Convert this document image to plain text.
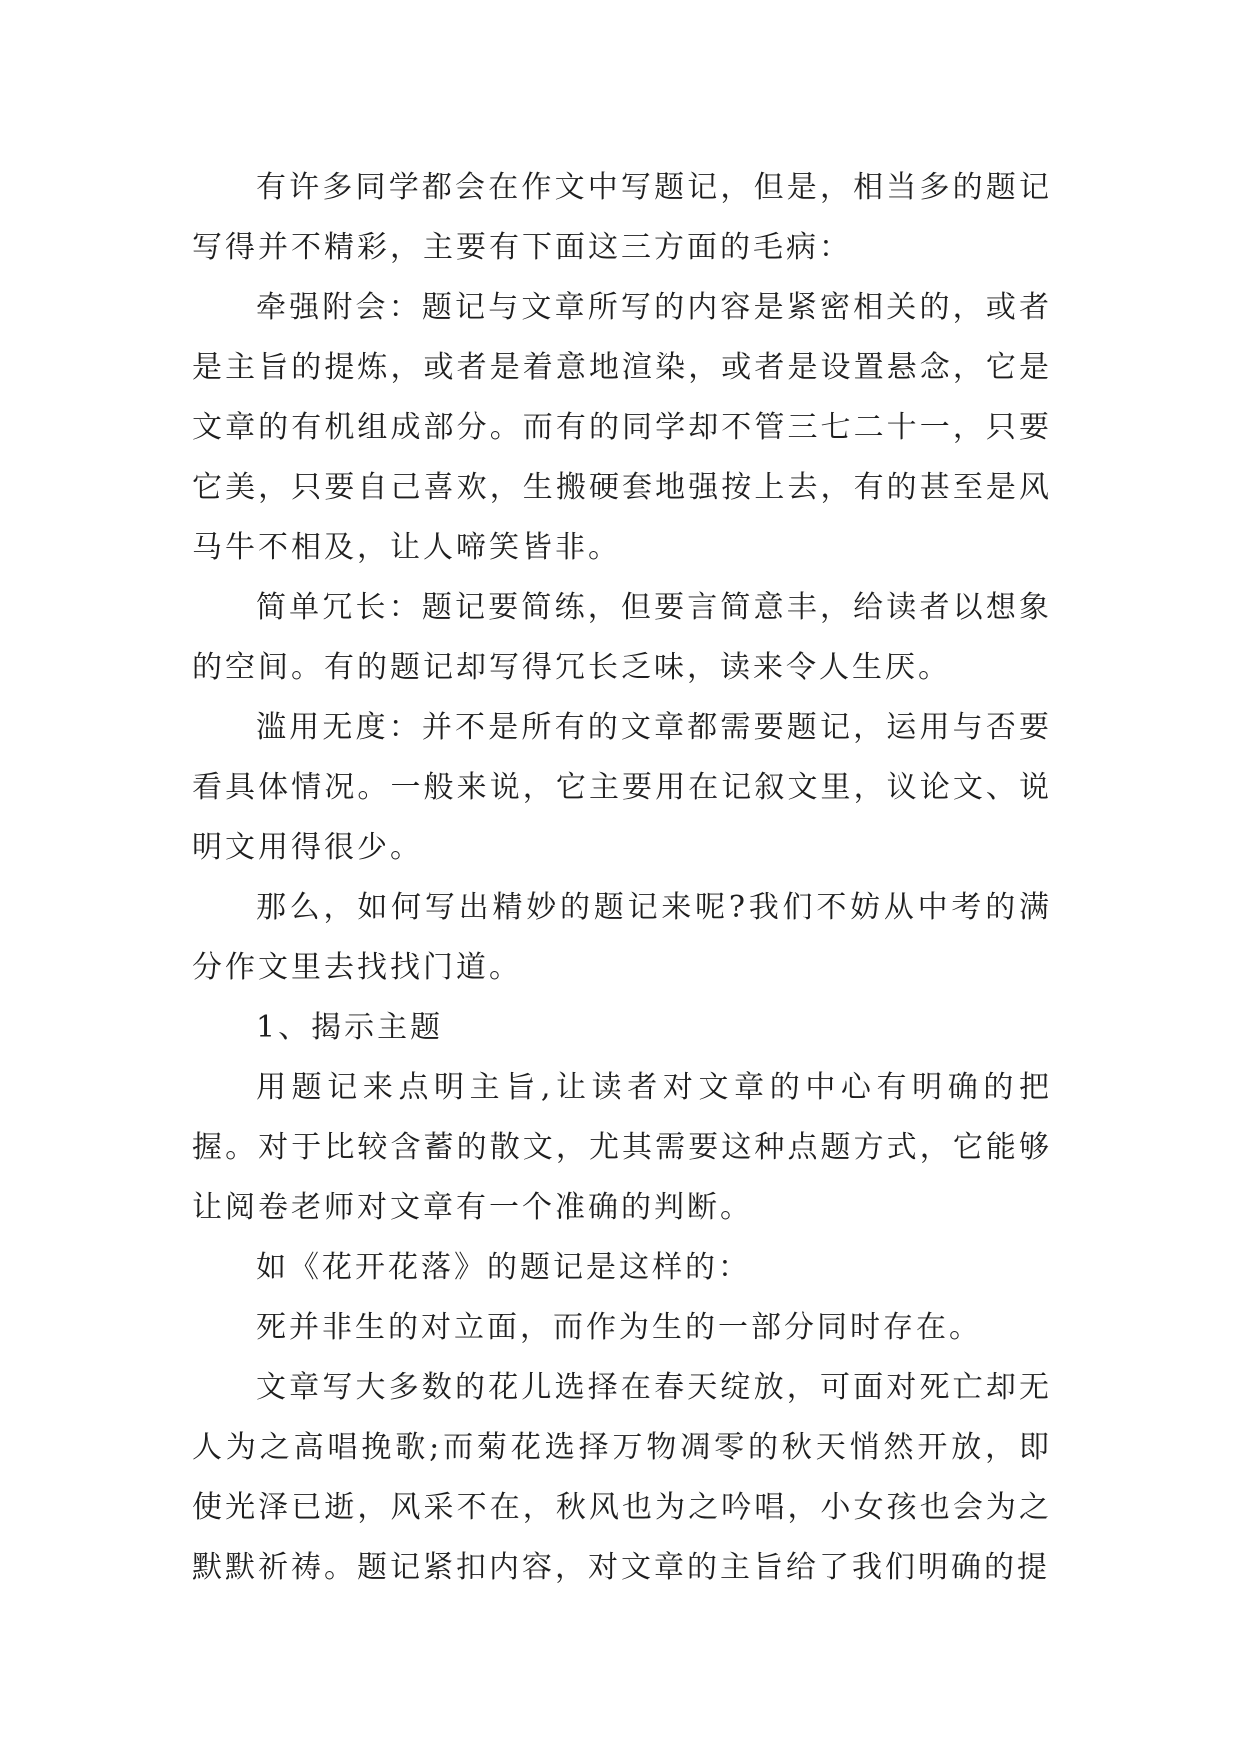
有许多同学都会在作文中写题记，但是，相当多的题记写得并不精彩，主要有下面这三方面的毛病：

牵强附会：题记与文章所写的内容是紧密相关的，或者是主旨的提炼，或者是着意地渲染，或者是设置悬念，它是文章的有机组成部分。而有的同学却不管三七二十一，只要它美，只要自己喜欢，生搬硬套地强按上去，有的甚至是风马牛不相及，让人啼笑皆非。

简单冗长：题记要简练，但要言简意丰，给读者以想象的空间。有的题记却写得冗长乏味，读来令人生厌。

滥用无度：并不是所有的文章都需要题记，运用与否要看具体情况。一般来说，它主要用在记叙文里，议论文、说明文用得很少。

那么，如何写出精妙的题记来呢?我们不妨从中考的满分作文里去找找门道。

1、揭示主题

用题记来点明主旨,让读者对文章的中心有明确的把握。对于比较含蓄的散文，尤其需要这种点题方式，它能够让阅卷老师对文章有一个准确的判断。

如《花开花落》的题记是这样的：

死并非生的对立面，而作为生的一部分同时存在。

文章写大多数的花儿选择在春天绽放，可面对死亡却无人为之高唱挽歌;而菊花选择万物凋零的秋天悄然开放，即使光泽已逝，风采不在，秋风也为之吟唱，小女孩也会为之默默祈祷。题记紧扣内容，对文章的主旨给了我们明确的提
